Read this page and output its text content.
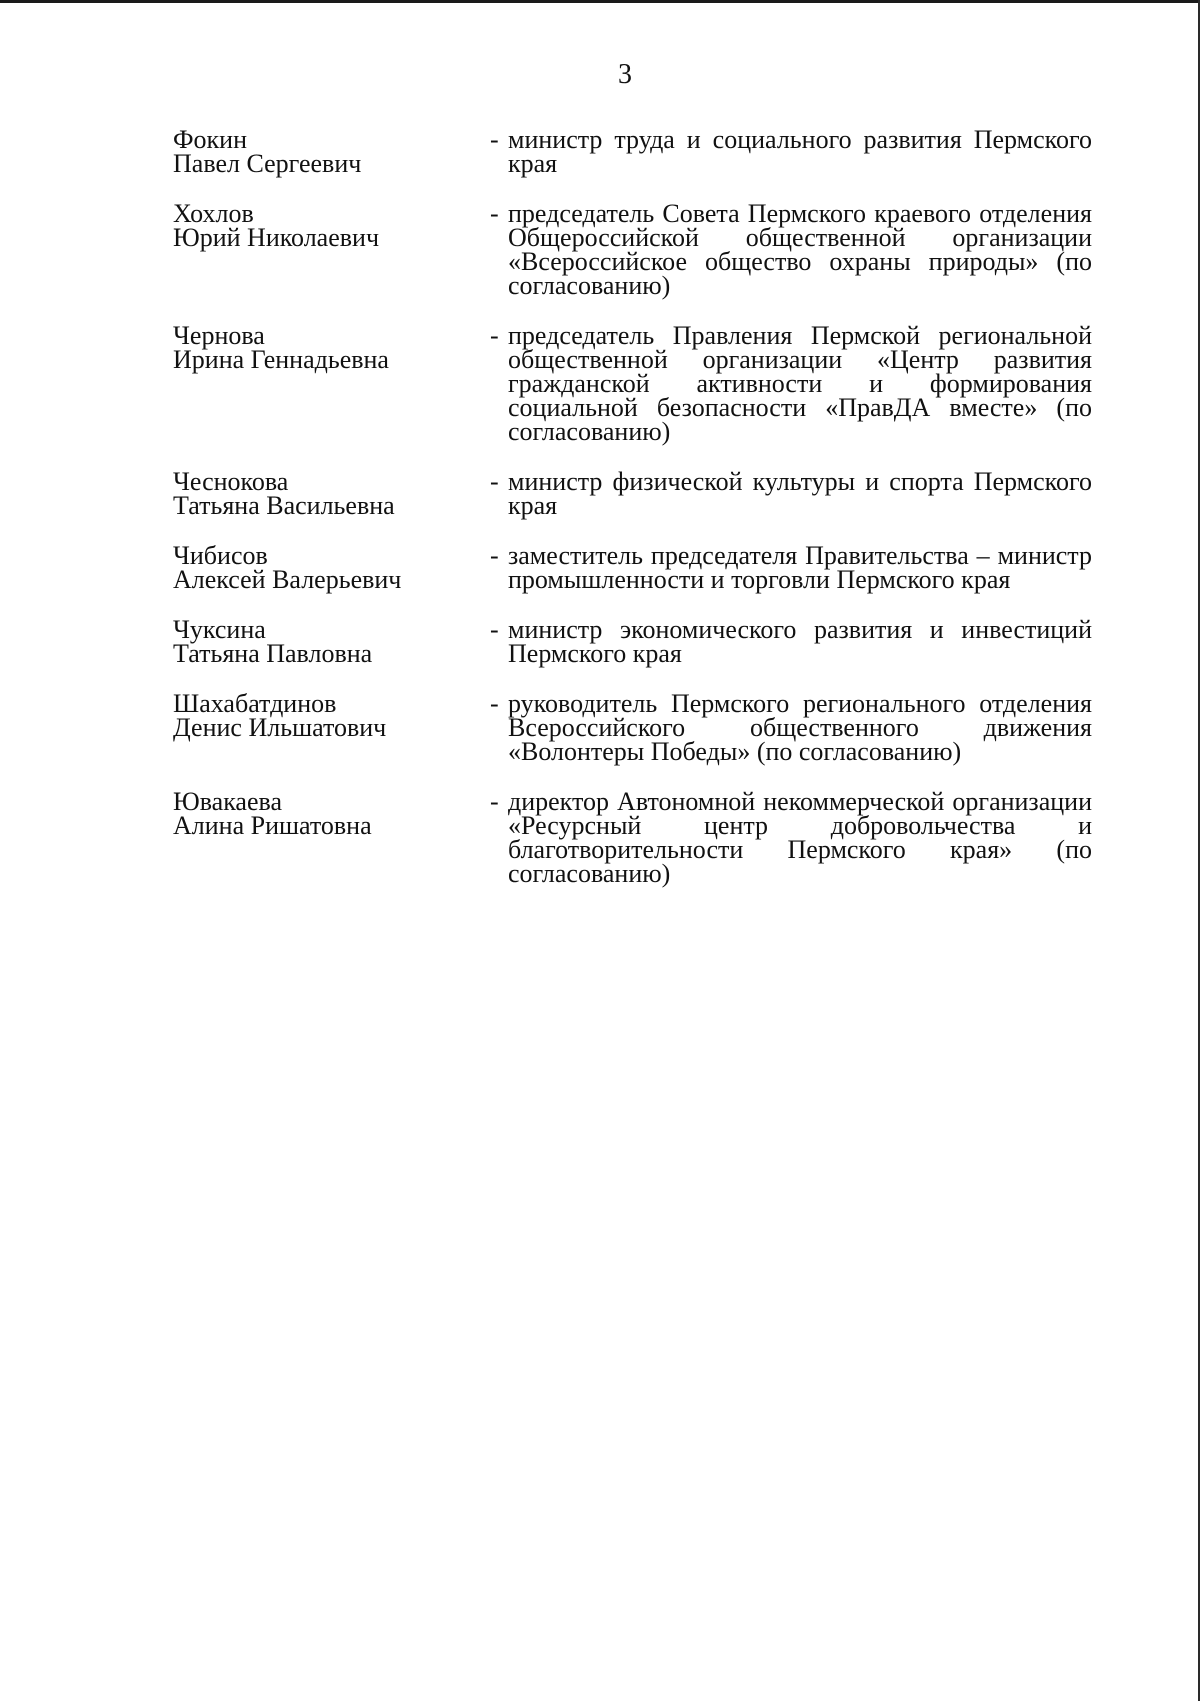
3
Фокин
Павел Сергеевич
- министр труда и социального развития Пермского края
Хохлов
Юрий Николаевич
- председатель Совета Пермского краевого отделения Общероссийской общественной организации «Всероссийское общество охраны природы» (по согласованию)
Чернова
Ирина Геннадьевна
- председатель Правления Пермской региональной общественной организации «Центр развития гражданской активности и формирования социальной безопасности «ПравДА вместе» (по согласованию)
Чеснокова
Татьяна Васильевна
- министр физической культуры и спорта Пермского края
Чибисов
Алексей Валерьевич
- заместитель председателя Правительства – министр промышленности и торговли Пермского края
Чуксина
Татьяна Павловна
- министр экономического развития и инвестиций Пермского края
Шахабатдинов
Денис Ильшатович
- руководитель Пермского регионального отделения Всероссийского общественного движения «Волонтеры Победы» (по согласованию)
Ювакаева
Алина Ришатовна
- директор Автономной некоммерческой организации «Ресурсный центр добровольчества и благотворительности Пермского края» (по согласованию)
